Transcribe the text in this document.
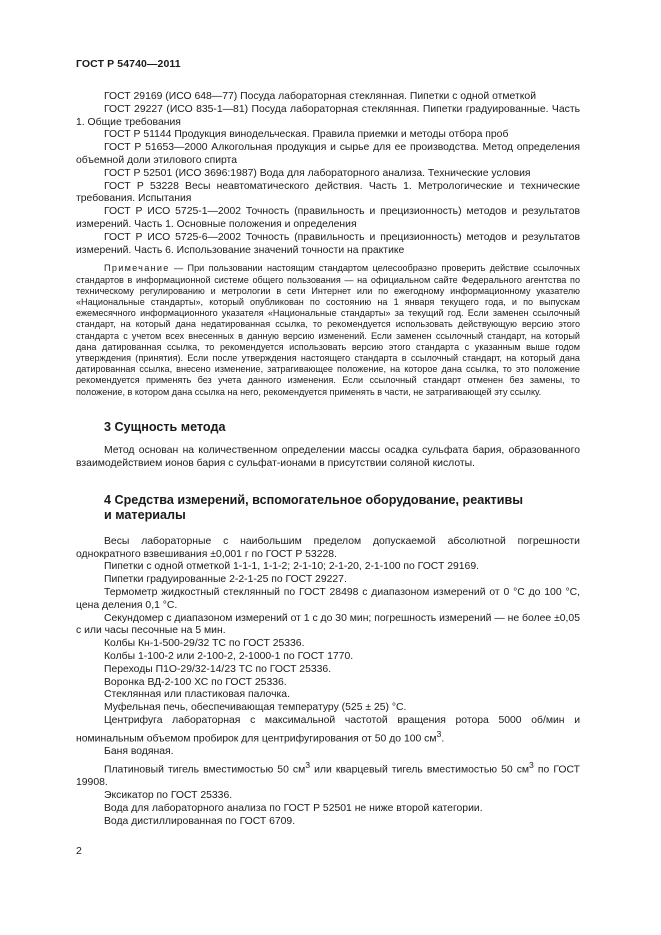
ГОСТ Р 54740—2011

ГОСТ 29169 (ИСО 648—77) Посуда лабораторная стеклянная. Пипетки с одной отметкой

ГОСТ 29227 (ИСО 835-1—81) Посуда лабораторная стеклянная. Пипетки градуированные. Часть 1. Общие требования

ГОСТ Р 51144 Продукция винодельческая. Правила приемки и методы отбора проб

ГОСТ Р 51653—2000 Алкогольная продукция и сырье для ее производства. Метод определения объемной доли этилового спирта

ГОСТ Р 52501 (ИСО 3696:1987) Вода для лабораторного анализа. Технические условия

ГОСТ Р 53228 Весы неавтоматического действия. Часть 1. Метрологические и технические требования. Испытания

ГОСТ Р ИСО 5725-1—2002 Точность (правильность и прецизионность) методов и результатов измерений. Часть 1. Основные положения и определения

ГОСТ Р ИСО 5725-6—2002 Точность (правильность и прецизионность) методов и результатов измерений. Часть 6. Использование значений точности на практике

Примечание — При пользовании настоящим стандартом целесообразно проверить действие ссылочных стандартов в информационной системе общего пользования — на официальном сайте Федерального агентства по техническому регулированию и метрологии в сети Интернет или по ежегодному информационному указателю «Национальные стандарты», который опубликован по состоянию на 1 января текущего года, и по выпускам ежемесячного информационного указателя «Национальные стандарты» за текущий год. Если заменен ссылочный стандарт, на который дана недатированная ссылка, то рекомендуется использовать действующую версию этого стандарта с учетом всех внесенных в данную версию изменений. Если заменен ссылочный стандарт, на который дана датированная ссылка, то рекомендуется использовать версию этого стандарта с указанным выше годом утверждения (принятия). Если после утверждения настоящего стандарта в ссылочный стандарт, на который дана датированная ссылка, внесено изменение, затрагивающее положение, на которое дана ссылка, то это положение рекомендуется применять без учета данного изменения. Если ссылочный стандарт отменен без замены, то положение, в котором дана ссылка на него, рекомендуется применять в части, не затрагивающей эту ссылку.

3 Сущность метода

Метод основан на количественном определении массы осадка сульфата бария, образованного взаимодействием ионов бария с сульфат-ионами в присутствии соляной кислоты.

4 Средства измерений, вспомогательное оборудование, реактивы
и материалы

Весы лабораторные с наибольшим пределом допускаемой абсолютной погрешности однократного взвешивания ±0,001 г по ГОСТ Р 53228.

Пипетки с одной отметкой 1-1-1, 1-1-2; 2-1-10; 2-1-20, 2-1-100 по ГОСТ 29169.

Пипетки градуированные 2-2-1-25 по ГОСТ 29227.

Термометр жидкостный стеклянный по ГОСТ 28498 с диапазоном измерений от 0 °С до 100 °С, цена деления 0,1 °С.

Секундомер с диапазоном измерений от 1 с до 30 мин; погрешность измерений — не более ±0,05 с или часы песочные на 5 мин.

Колбы Кн-1-500-29/32 ТС по ГОСТ 25336.

Колбы 1-100-2 или 2-100-2, 2-1000-1 по ГОСТ 1770.

Переходы П1О-29/32-14/23 ТС по ГОСТ 25336.

Воронка ВД-2-100 ХС по ГОСТ 25336.

Стеклянная или пластиковая палочка.

Муфельная печь, обеспечивающая температуру (525 ± 25) °С.

Центрифуга лабораторная с максимальной частотой вращения ротора 5000 об/мин и номинальным объемом пробирок для центрифугирования от 50 до 100 $см^3$.

Баня водяная.

Платиновый тигель вместимостью 50 $см^3$ или кварцевый тигель вместимостью 50 $см^3$ по ГОСТ 19908.

Эксикатор по ГОСТ 25336.

Вода для лабораторного анализа по ГОСТ Р 52501 не ниже второй категории.

Вода дистиллированная по ГОСТ 6709.

2
